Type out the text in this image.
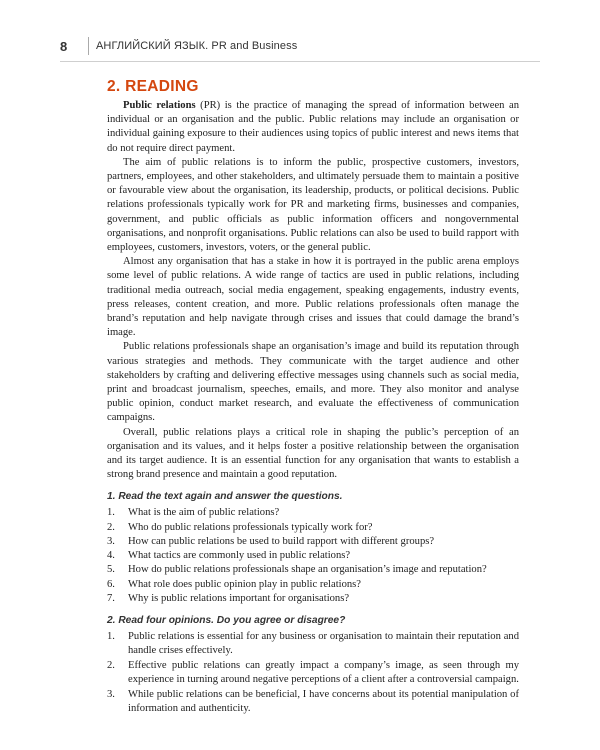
8	АНГЛИЙСКИЙ ЯЗЫК. PR and Business
2. READING

Public relations (PR) is the practice of managing the spread of information between an individual or an organisation and the public. Public relations may include an organisation or individual gaining exposure to their audiences using topics of public interest and news items that do not require direct payment.

The aim of public relations is to inform the public, prospective customers, investors, partners, employees, and other stakeholders, and ultimately persuade them to maintain a positive or favourable view about the organisation, its leadership, products, or political decisions. Public relations professionals typically work for PR and marketing firms, businesses and companies, government, and public officials as public information officers and nongovernmental organisations, and nonprofit organisations. Public relations can also be used to build rapport with employees, customers, investors, voters, or the general public.

Almost any organisation that has a stake in how it is portrayed in the public arena employs some level of public relations. A wide range of tactics are used in public relations, including traditional media outreach, social media engagement, speaking engagements, industry events, press releases, content creation, and more. Public relations professionals often manage the brand’s reputation and help navigate through crises and issues that could damage the brand’s image.

Public relations professionals shape an organisation’s image and build its reputation through various strategies and methods. They communicate with the target audience and other stakeholders by crafting and delivering effective messages using channels such as social media, print and broadcast journalism, speeches, emails, and more. They also monitor and analyse public opinion, conduct market research, and evaluate the effectiveness of communication campaigns.

Overall, public relations plays a critical role in shaping the public’s perception of an organisation and its values, and it helps foster a positive relationship between the organisation and its target audience. It is an essential function for any organisation that wants to establish a strong brand presence and maintain a good reputation.

1. Read the text again and answer the questions.
1. What is the aim of public relations?
2. Who do public relations professionals typically work for?
3. How can public relations be used to build rapport with different groups?
4. What tactics are commonly used in public relations?
5. How do public relations professionals shape an organisation’s image and reputation?
6. What role does public opinion play in public relations?
7. Why is public relations important for organisations?
2. Read four opinions. Do you agree or disagree?
1. Public relations is essential for any business or organisation to maintain their reputation and handle crises effectively.
2. Effective public relations can greatly impact a company’s image, as seen through my experience in turning around negative perceptions of a client after a controversial campaign.
3. While public relations can be beneficial, I have concerns about its potential manipulation of information and authenticity.
